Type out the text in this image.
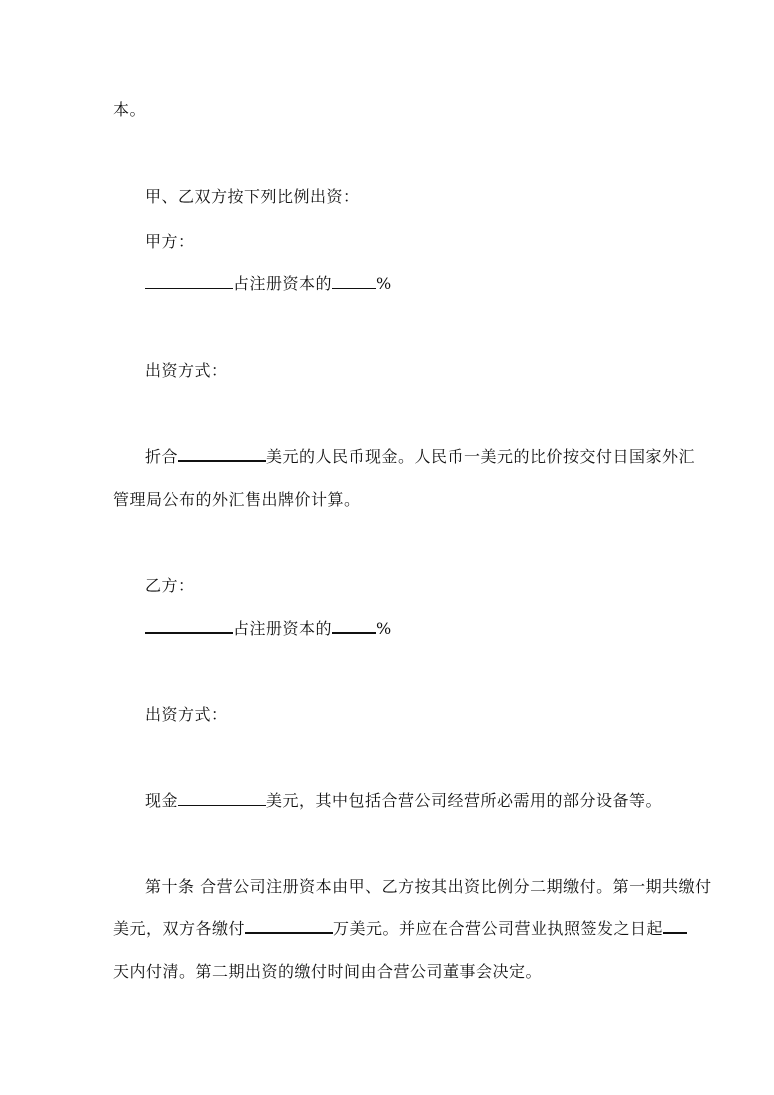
本。
甲、乙双方按下列比例出资：
甲方：
占注册资本的	%
出资方式：
折合	美元的人民币现金。人民币一美元的比价按交付日国家外汇
管理局公布的外汇售出牌价计算。
乙方：
占注册资本的	%
出资方式：
现金	美元，其中包括合营公司经营所必需用的部分设备等。
第十条 合营公司注册资本由甲、乙方按其出资比例分二期缴付。第一期共缴付
美元，双方各缴付	万美元。并应在合营公司营业执照签发之日起
天内付清。第二期出资的缴付时间由合营公司董事会决定。
